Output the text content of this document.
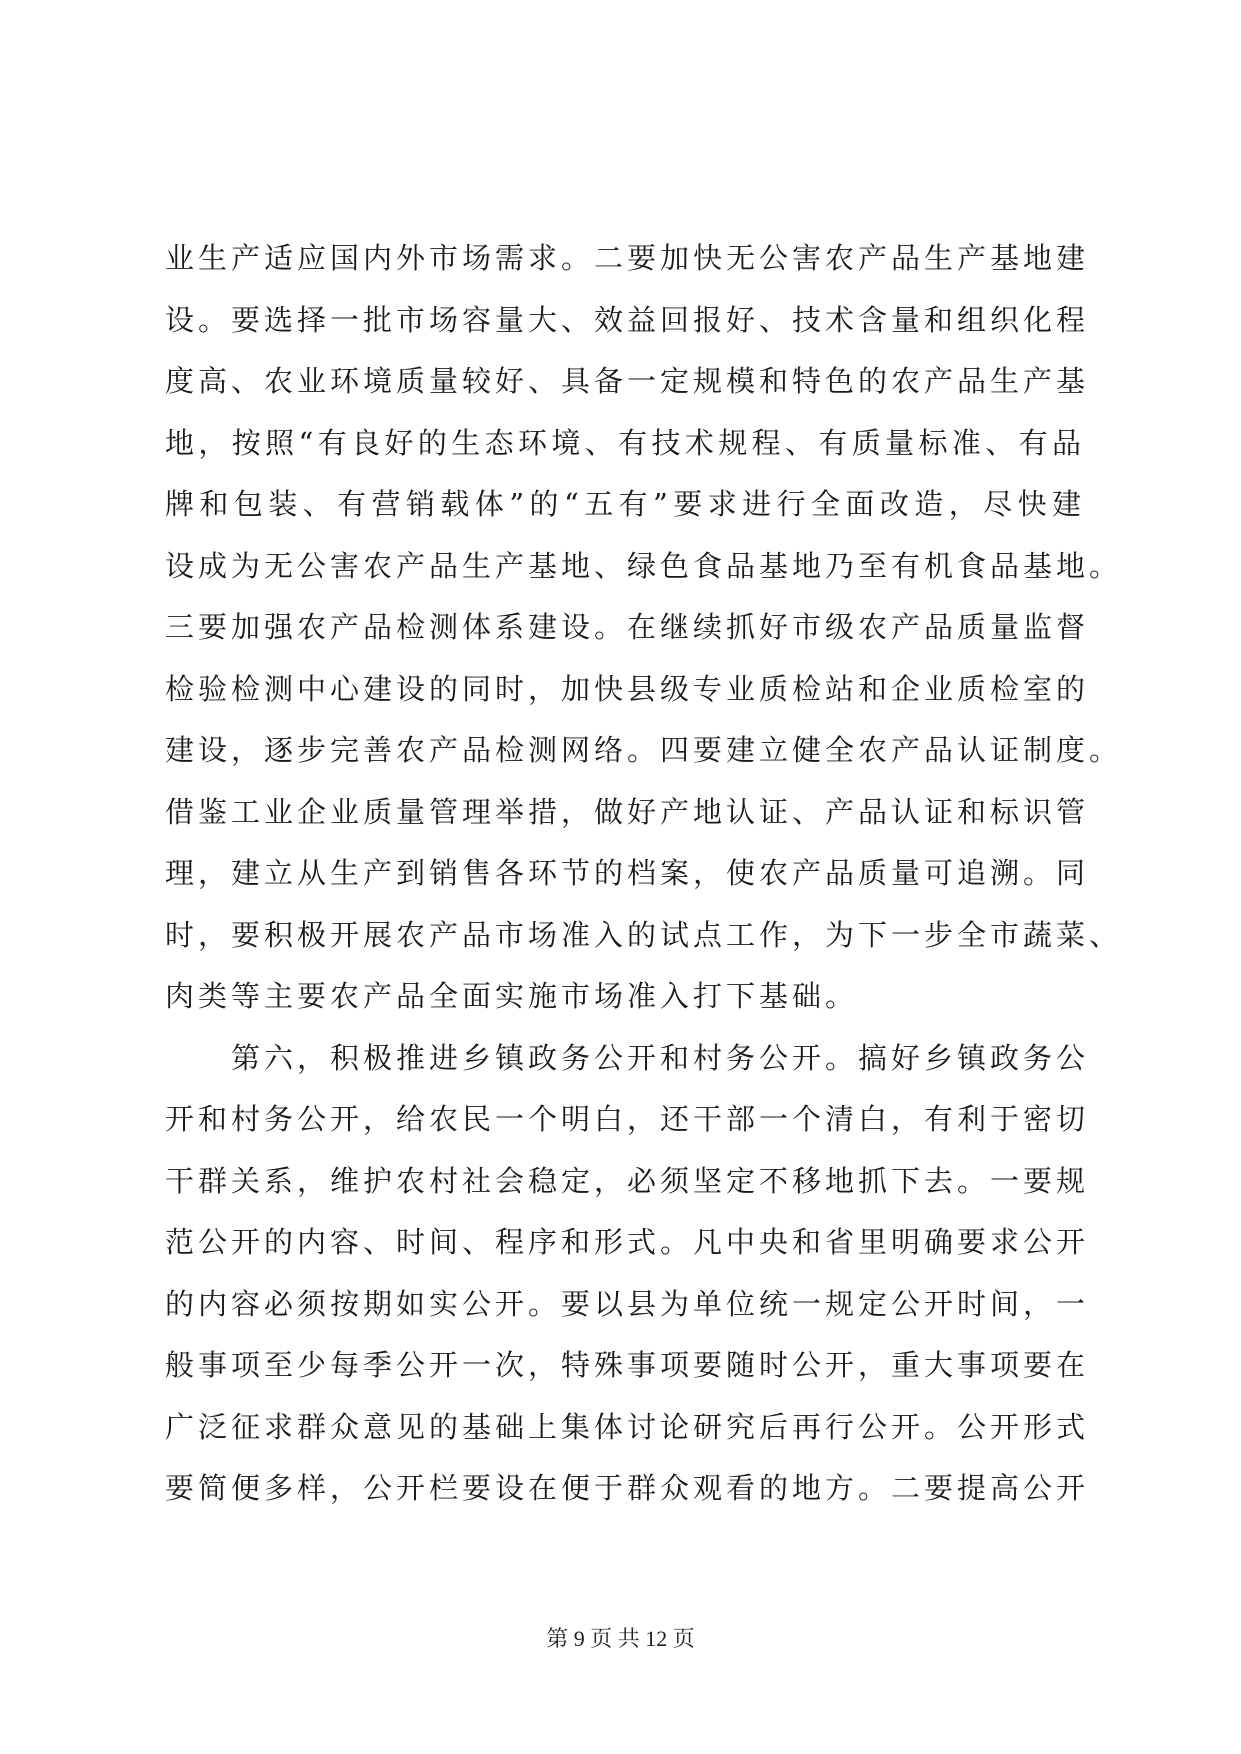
业生产适应国内外市场需求。二要加快无公害农产品生产基地建
设。要选择一批市场容量大、效益回报好、技术含量和组织化程
度高、农业环境质量较好、具备一定规模和特色的农产品生产基
地，按照“有良好的生态环境、有技术规程、有质量标准、有品
牌和包装、有营销载体”的“五有”要求进行全面改造，尽快建
设成为无公害农产品生产基地、绿色食品基地乃至有机食品基地。
三要加强农产品检测体系建设。在继续抓好市级农产品质量监督
检验检测中心建设的同时，加快县级专业质检站和企业质检室的
建设，逐步完善农产品检测网络。四要建立健全农产品认证制度。
借鉴工业企业质量管理举措，做好产地认证、产品认证和标识管
理，建立从生产到销售各环节的档案，使农产品质量可追溯。同
时，要积极开展农产品市场准入的试点工作，为下一步全市蔬菜、
肉类等主要农产品全面实施市场准入打下基础。
　　第六，积极推进乡镇政务公开和村务公开。搞好乡镇政务公
开和村务公开，给农民一个明白，还干部一个清白，有利于密切
干群关系，维护农村社会稳定，必须坚定不移地抓下去。一要规
范公开的内容、时间、程序和形式。凡中央和省里明确要求公开
的内容必须按期如实公开。要以县为单位统一规定公开时间，一
般事项至少每季公开一次，特殊事项要随时公开，重大事项要在
广泛征求群众意见的基础上集体讨论研究后再行公开。公开形式
要简便多样，公开栏要设在便于群众观看的地方。二要提高公开
第 9 页 共 12 页
